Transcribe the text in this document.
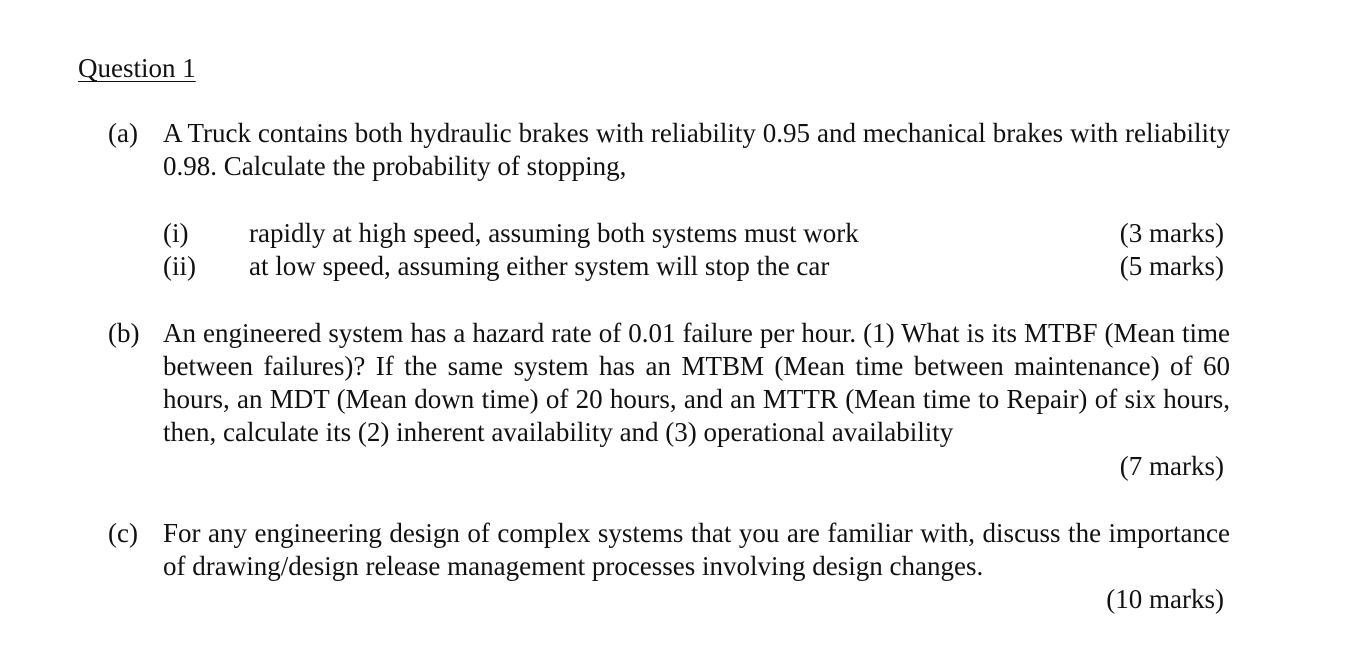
Question 1
(a) A Truck contains both hydraulic brakes with reliability 0.95 and mechanical brakes with reliability 0.98. Calculate the probability of stopping,
(i) rapidly at high speed, assuming both systems must work	(3 marks)
(ii) at low speed, assuming either system will stop the car	(5 marks)
(b) An engineered system has a hazard rate of 0.01 failure per hour. (1) What is its MTBF (Mean time between failures)? If the same system has an MTBM (Mean time between maintenance) of 60 hours, an MDT (Mean down time) of 20 hours, and an MTTR (Mean time to Repair) of six hours, then, calculate its (2) inherent availability and (3) operational availability
(7 marks)
(c) For any engineering design of complex systems that you are familiar with, discuss the importance of drawing/design release management processes involving design changes.
(10 marks)
